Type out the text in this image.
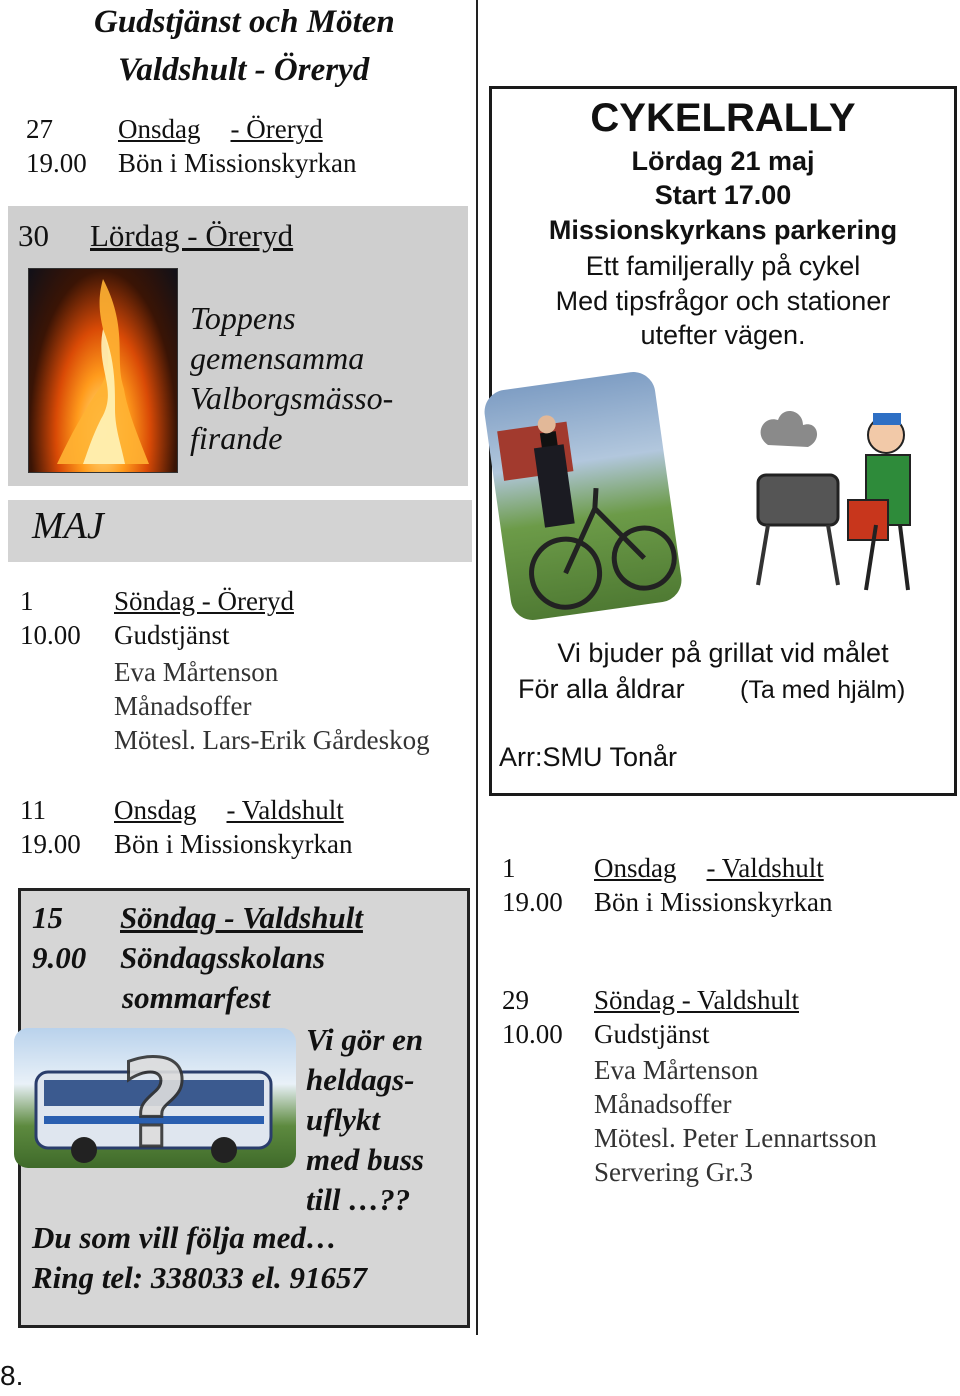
Gudstjänst och Möten
Valdshult - Öreryd
27 Onsdag - Öreryd
19.00 Bön i Missionskyrkan
30 Lördag - Öreryd
Toppens
gemensamma
Valborgsmässo-
firande
MAJ
1	Söndag - Öreryd
10.00 Gudstjänst
Eva Mårtenson
Månadsoffer
Mötesl. Lars-Erik Gårdeskog
11	Onsdag - Valdshult
19.00 Bön i Missionskyrkan
15 Söndag - Valdshult
9.00 Söndagsskolans
sommarfest
?	Vi gör en
heldags-
uflykt
med buss
till …??
Du som vill följa med…
Ring tel: 338033 el. 91657
CYKELRALLY
Lördag 21 maj
Start 17.00
Missionskyrkans parkering
Ett familjerally på cykel
Med tipsfrågor och stationer
utefter vägen.
Vi bjuder på grillat vid målet
För alla åldrar (Ta med hjälm)
Arr:SMU Tonår
1	Onsdag - Valdshult
19.00 Bön i Missionskyrkan
29 Söndag - Valdshult
10.00 Gudstjänst
Eva Mårtenson
Månadsoffer
Mötesl. Peter Lennartsson
Servering Gr.3
8.
